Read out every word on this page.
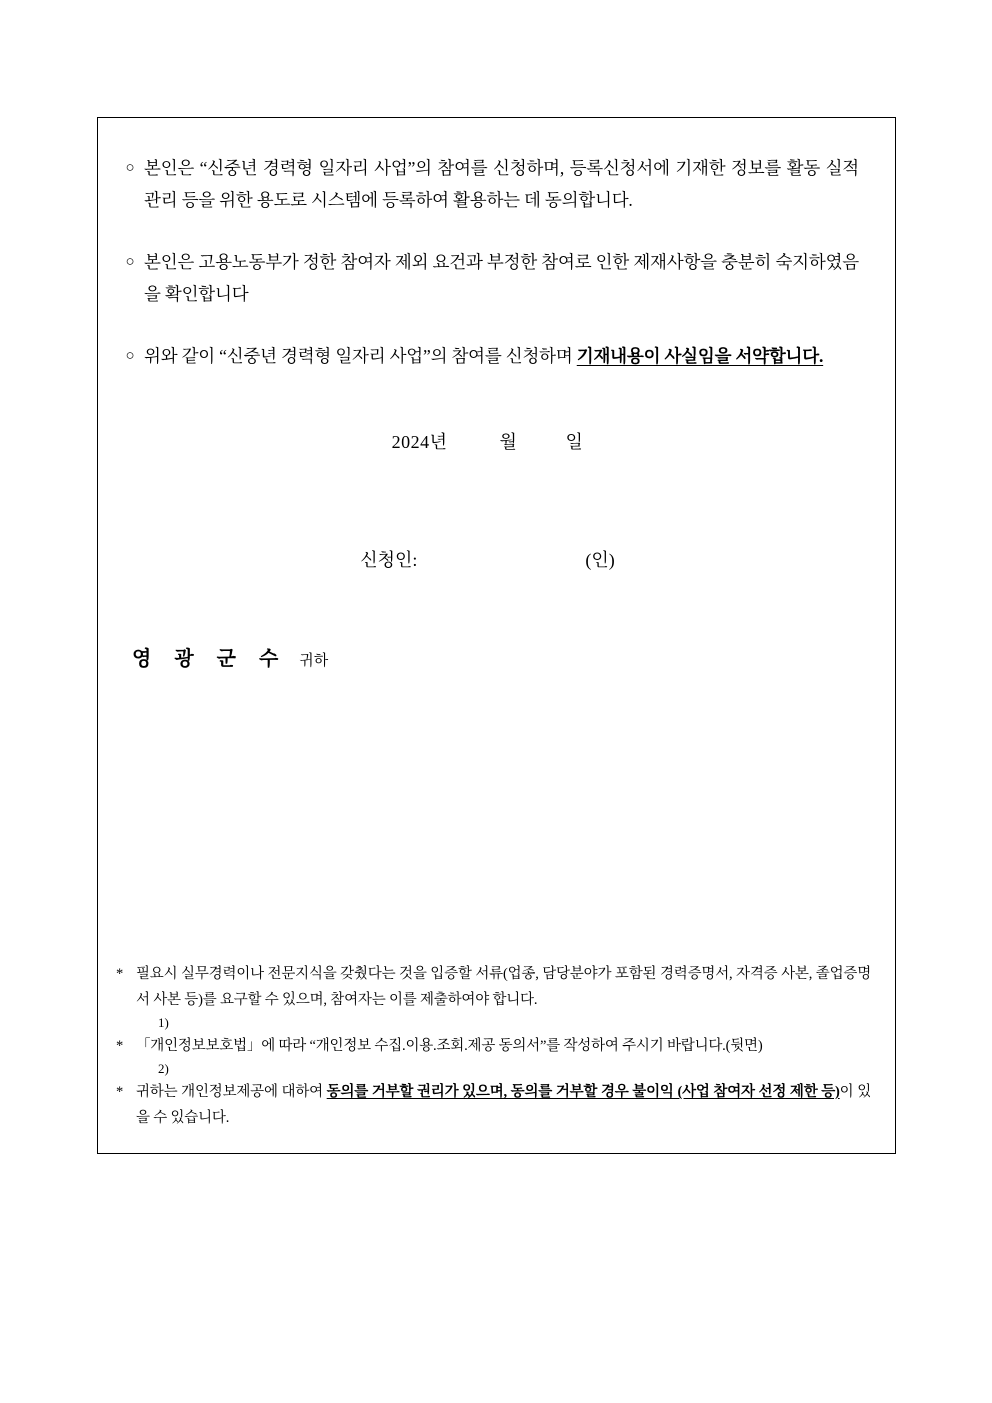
○ 본인은 “신중년 경력형 일자리 사업”의 참여를 신청하며, 등록신청서에 기재한 정보를 활동 실적관리 등을 위한 용도로 시스템에 등록하여 활용하는 데 동의합니다.
○ 본인은 고용노동부가 정한 참여자 제외 요건과 부정한 참여로 인한 제재사항을 충분히 숙지하였음을 확인합니다
○ 위와 같이 “신중년 경력형 일자리 사업”의 참여를 신청하며 기재내용이 사실임을 서약합니다.
2024년	월	일
신청인:	(인)
영 광 군 수 귀하
* 필요시 실무경력이나 전문지식을 갖췄다는 것을 입증할 서류(업종, 담당분야가 포함된 경력증명서, 자격증 사본, 졸업증명서 사본 등)를 요구할 수 있으며, 참여자는 이를 제출하여야 합니다.
1)
* 「개인정보보호법」에 따라 “개인정보 수집.이용.조회.제공 동의서”를 작성하여 주시기 바랍니다.(뒷면)
2)
* 귀하는 개인정보제공에 대하여 동의를 거부할 권리가 있으며, 동의를 거부할 경우 불이익 (사업 참여자 선정 제한 등)이 있을 수 있습니다.
